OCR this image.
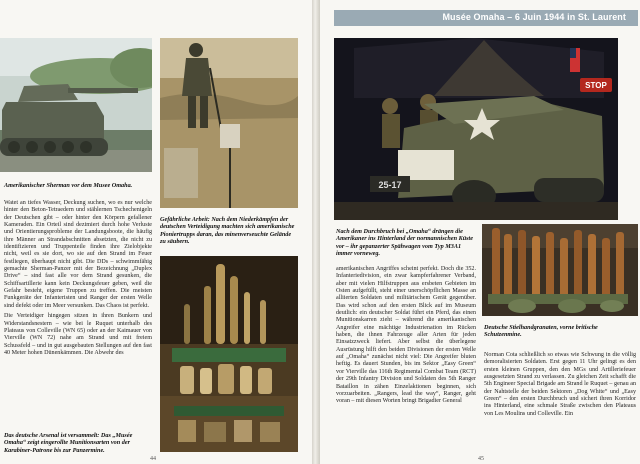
Amerikanischer Sherman vor dem Musee Omaha.
Gefährliche Arbeit: Nach dem Niederkämpfen der deutschen Verteidigung machten sich amerikanische Pioniertrupps daran, das minenverseuchte Gelände zu säubern.

Watet an tiefes Wasser, Deckung suchen, wo es nur welche hinter den Beton-Tetraedern und stählernen Tschechenigeln der Deutschen gibt – oder hinter den Körpern gefallener Kameraden. Ein Orteil sind dezimiert durch hohe Verluste und Orientierungsprobleme der Landungsboote, die häufig ihre Männer an Strandabschnitten absetzten, die nicht zu identifizieren und Truppenteile finden ihre Zielobjekte nicht, weil es sie dort, wo sie auf den Strand im Feuer festliegen, überhaupt nicht gibt. Die DDs – schwimmfähig gemachte Sherman-Panzer mit der Bezeichnung „Duplex Drive“ – sind fast alle vor dem Strand gesunken, die Schiffsartillerie kann kein Deckungsfeuer geben, weil die Gefahr besteht, eigene Truppen zu treffen. Die meisten Funkgeräte der Infanteristen und Ranger der ersten Welle sind defekt oder im Meer versunken. Das Chaos ist perfekt.

Die Verteidiger hingegen sitzen in ihren Bunkern und Widerstandsnestern – wie bei le Ruquet unterhalb des Plateaus von Colleville (WN 65) oder an der Kaimauer von Vierville (WN 72) nahe am Strand und mit freiem Schussfeld – und in gut ausgebauten Stellungen auf den fast 40 Meter hohen Dünenkämmen. Die Abwehr des

Das deutsche Arsenal ist versammelt: Das „Musée Omaha“ zeigt eingerollte Munitionsarten von der Karabiner-Patrone bis zur Panzermine.
44
Musée Omaha – 6 Juin 1944 in St. Laurent
STOP
25-17
Nach dem Durchbruch bei „Omaha“ drängen die Amerikaner ins Hinterland der normannischen Küste vor – ihr gepanzerter Spähwagen vom Typ M3A1 immer vorneweg.
Deutsche Stielhandgranaten, vorne britische Schutzenmine.
amerikanischen Angriffes scheint perfekt. Doch die 352. Infanteriedivision, ein zwar kampferfahrener Verband, aber mit vielen Hilfstruppen aus ersbeten Gebieten im Osten aufgefüllt, steht einer unerschöpflichen Masse an alliierten Soldaten und militärischem Gerät gegenüber. Das wird schon auf den ersten Blick auf im Museum deutlich: ein deutscher Soldat führt ein Pferd, das einen Munitionskarren zieht – während die amerikanischen Angreifer eine mächtige Industrienation im Rücken haben, die ihnen Fahrzeuge aller Arten für jeden Einsatzzweck liefert. Aber selbst die überlegene Ausrüstung hilft den beiden Divisionen der ersten Welle auf „Omaha“ zunächst nicht viel: Die Angreifer bluten heftig. Es dauert Stunden, bis im Sektor „Easy Green“ vor Vierville das 116th Regimental Combat Team (RCT) der 29th Infantry Division und Soldaten des 5th Ranger Bataillon in zähen Einzelaktionen beginnen, sich vorzuarbeiten. „Rangers, lead the way“, Ranger, geht voran – mit diesen Worten bringt Brigadier General
Norman Cota schließlich so etwas wie Schwung in die völlig demoralisierten Soldaten. Erst gegen 11 Uhr gelingt es den ersten kleinen Gruppen, den den MGs und Artilleriefeuer ausgesetzten Strand zu verlassen. Zu gleichen Zeit schafft die 5th Engineer Special Brigade am Strand le Ruquet – genau an der Nahtstelle der beiden Sektoren „Dog White“ und „Easy Green“ – den ersten Durchbruch und sichert ihren Korridor ins Hinterland, eine schmale Straße zwischen den Plateaus von Les Moulins und Colleville. Ein
45
